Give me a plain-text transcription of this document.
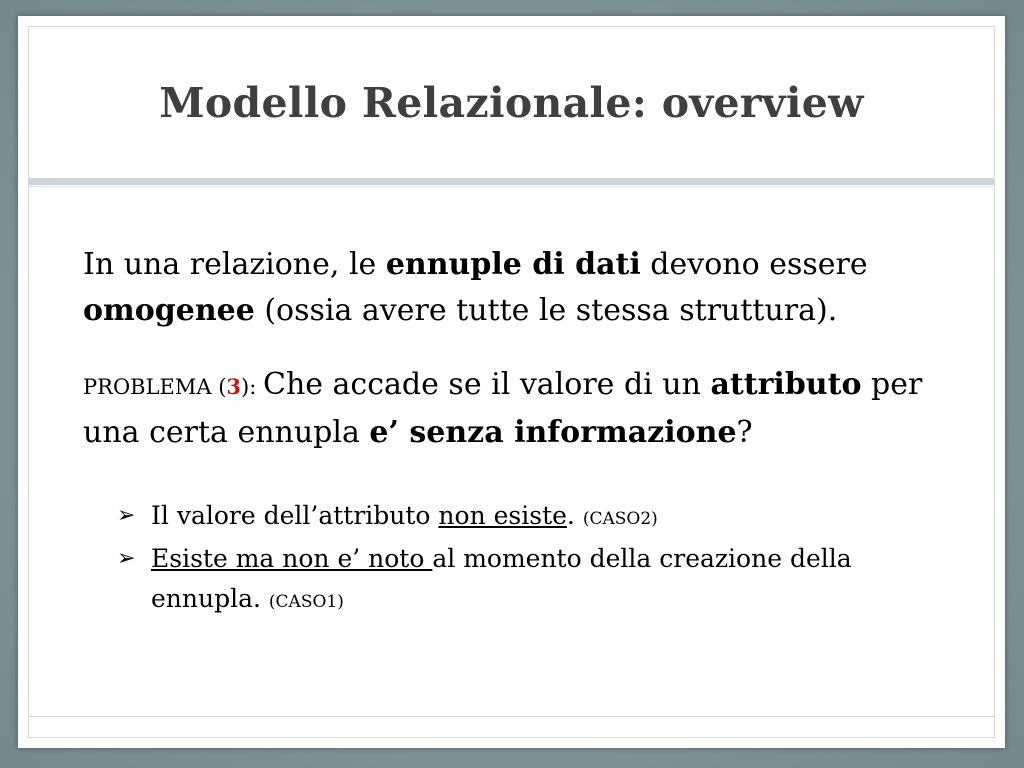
Modello Relazionale: overview

In una relazione, le ennuple di dati devono essere omogenee (ossia avere tutte le stessa struttura).

PROBLEMA (3): Che accade se il valore di un attributo per una certa ennupla e’ senza informazione?

➢ Il valore dell’attributo non esiste. (CASO2)
➢ Esiste ma non e’ noto al momento della creazione della ennupla. (CASO1)
